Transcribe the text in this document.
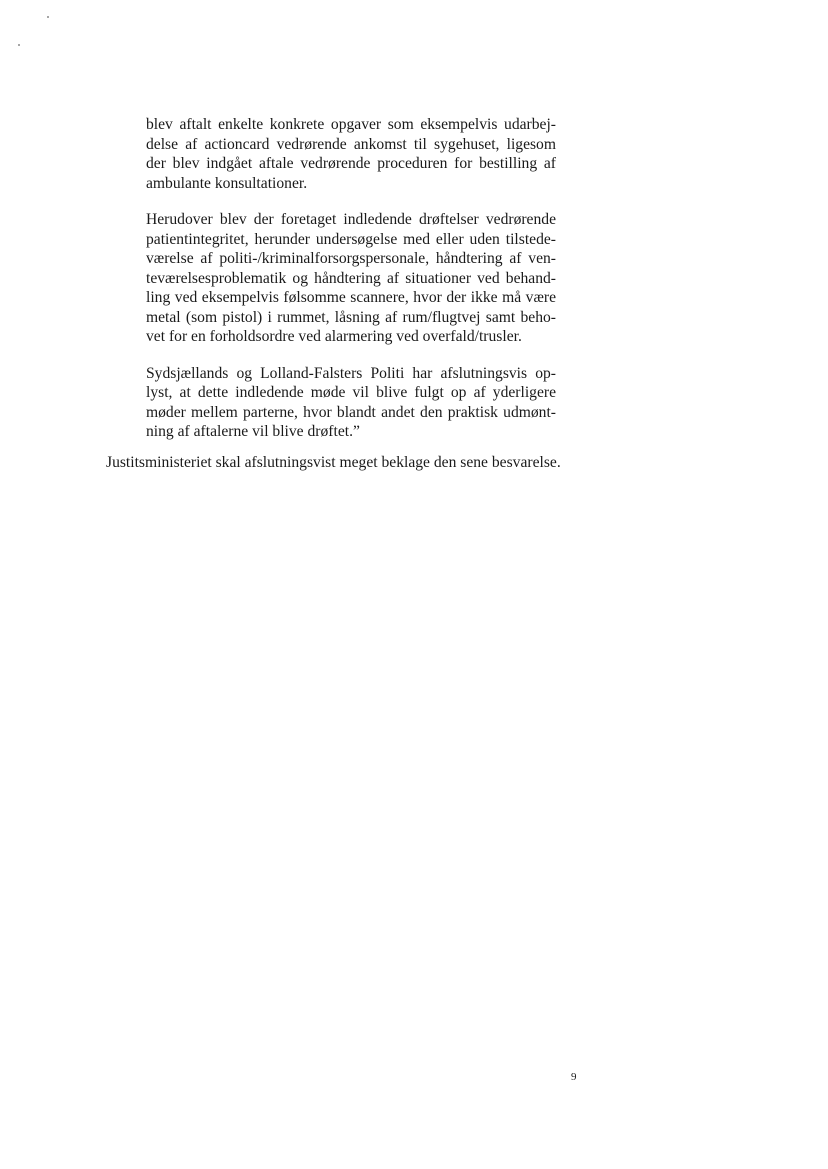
blev aftalt enkelte konkrete opgaver som eksempelvis udarbej-
delse af actioncard vedrørende ankomst til sygehuset, ligesom
der blev indgået aftale vedrørende proceduren for bestilling af
ambulante konsultationer.
Herudover blev der foretaget indledende drøftelser vedrørende
patientintegritet, herunder undersøgelse med eller uden tilstede-
værelse af politi-/kriminalforsorgspersonale, håndtering af ven-
teværelsesproblematik og håndtering af situationer ved behand-
ling ved eksempelvis følsomme scannere, hvor der ikke må være
metal (som pistol) i rummet, låsning af rum/flugtvej samt beho-
vet for en forholdsordre ved alarmering ved overfald/trusler.
Sydsjællands og Lolland-Falsters Politi har afslutningsvis op-
lyst, at dette indledende møde vil blive fulgt op af yderligere
møder mellem parterne, hvor blandt andet den praktisk udmønt-
ning af aftalerne vil blive drøftet.”
Justitsministeriet skal afslutningsvist meget beklage den sene besvarelse.
9
